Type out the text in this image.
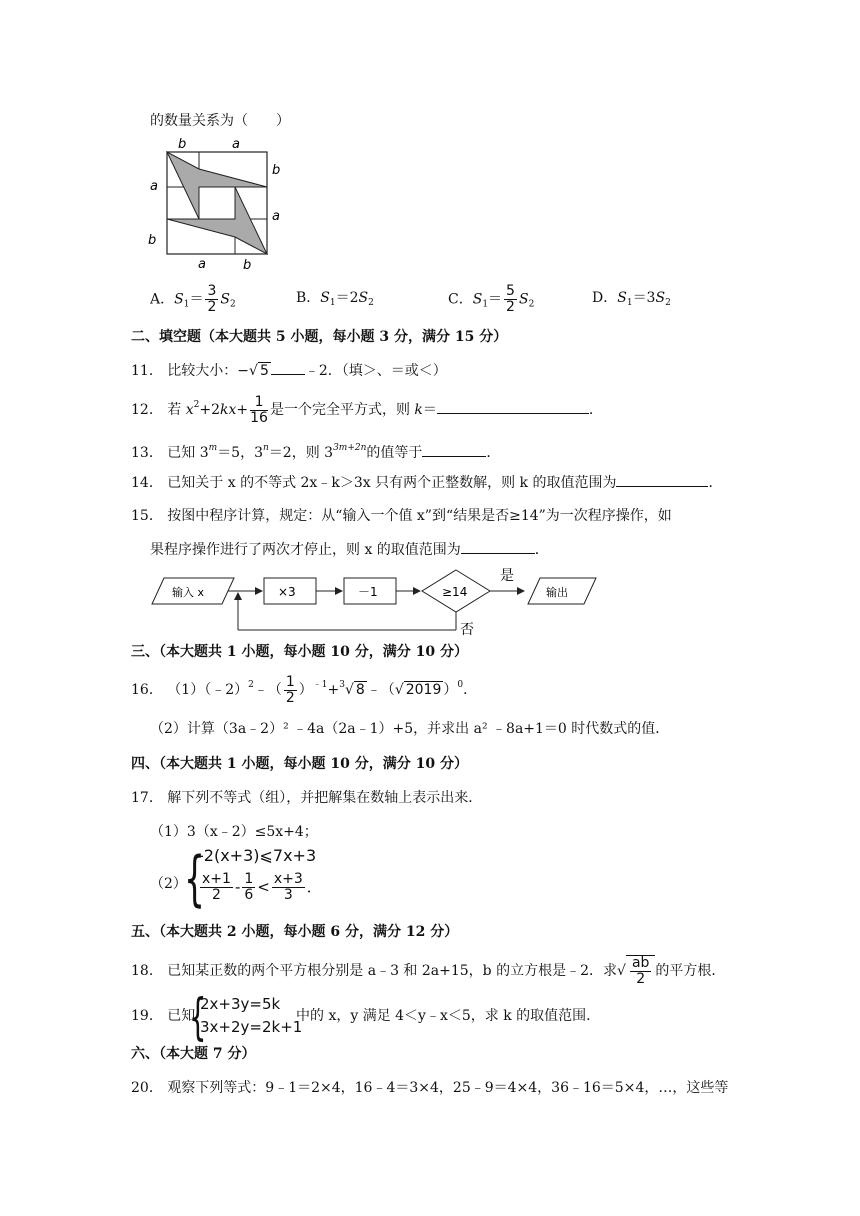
的数量关系为（　　）
b	a
b
a
a
b
a	b
A．$S_1= \frac{3}{2} S_2$	B．$S_1=2S_2$	C．$S_1= \frac{5}{2} S_2$	D．$S_1=3S_2$
二、填空题（本大题共 5 小题，每小题 3 分，满分 15 分）
11． 比较大小：−√ 5	﹣2．（填＞、＝或＜）
12． 若 $x^2+2kx+ \frac{1}{16}$ 是一个完全平方式，则 k＝	．
13． 已知 $3^m=5$，$3^n=2$，则 $3^{3m+2n}$的值等于	．
14． 已知关于 x 的不等式 2x﹣k＞3x 只有两个正整数解，则 k 的取值范围为	．
15． 按图中程序计算，规定：从“输入一个值 x”到“结果是否≥14”为一次程序操作，如
果程序操作进行了两次才停止，则 x 的取值范围为	．
输入 x	×3	－1	≥14
是
输出
否
三、（本大题共 1 小题，每小题 10 分，满分 10 分）
16． （1）（﹣2）$^2$﹣（ $\frac{1}{2} )^{﹣1}+^3√$ 8 ﹣（√ 2019 ）$^0$．
（2）计算（3a﹣2）² ﹣4a（2a﹣1）+5，并求出 a² ﹣8a+1＝0 时代数式的值．
四、（本大题共 1 小题，每小题 10 分，满分 10 分）
17． 解下列不等式（组），并把解集在数轴上表示出来．
（1）3（x﹣2）≤5x+4；
（2）
{
-2(x+3)⩽7x+3
$\frac{x+1}{2} - \frac{1}{6} < \frac{x+3}{3}$ ．
五、（本大题共 2 小题，每小题 6 分，满分 12 分）
18． 已知某正数的两个平方根分别是 a﹣3 和 2a+15，b 的立方根是﹣2．求√ $\frac{ab}{2}$ 的平方根．
19． 已知
{
2x+3y=5k
3x+2y=2k+1
中的 x，y 满足 4＜y﹣x＜5，求 k 的取值范围．
六、（本大题 7 分）
20． 观察下列等式：9﹣1＝2×4，16﹣4＝3×4，25﹣9＝4×4，36﹣16＝5×4，…，这些等
